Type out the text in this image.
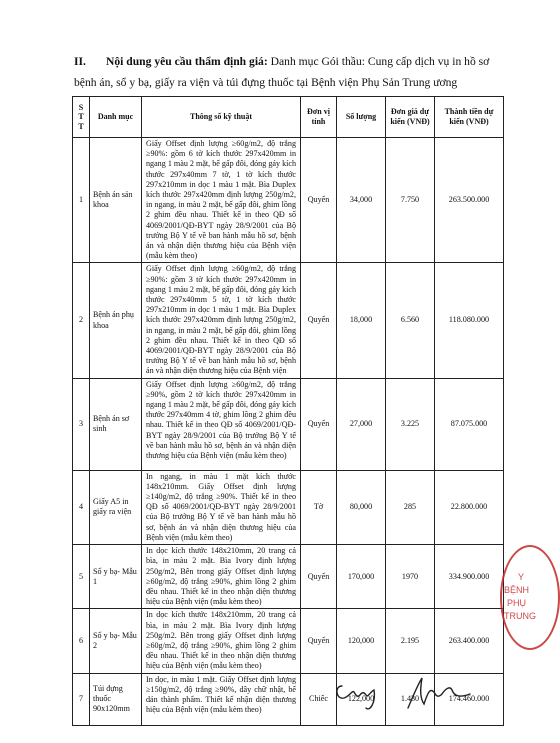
II.	Nội dung yêu cầu thẩm định giá: Danh mục Gói thầu: Cung cấp dịch vụ in hồ sơ
bệnh án, sổ y bạ, giấy ra viện và túi đựng thuốc tại Bệnh viện Phụ Sản Trung ương
S T T	Danh mục	Thông số kỹ thuật	Đơn vị tính	Số lượng	Đơn giá dự kiến (VNĐ)	Thành tiền dự kiến (VNĐ)
1	Bệnh án sản khoa	Giấy Offset định lượng ≥60g/m2, độ trắng ≥90%: gồm 6 tờ kích thước 297x420mm in ngang 1 màu 2 mặt, bế gấp đôi, đóng gáy kích thước 297x40mm 7 tờ, 1 tờ kích thước 297x210mm in dọc 1 màu 1 mặt. Bìa Duplex kích thước 297x420mm định lượng 250g/m2, in ngang, in màu 2 mặt, bế gấp đôi, ghim lồng 2 ghim đều nhau. Thiết kế in theo QĐ số 4069/2001/QĐ-BYT ngày 28/9/2001 của Bộ trưởng Bộ Y tế về ban hành mẫu hồ sơ, bệnh án và nhận diện thương hiệu của Bệnh viện (mẫu kèm theo)	Quyển	34,000	7.750	263.500.000
2	Bệnh án phụ khoa	Giấy Offset định lượng ≥60g/m2, độ trắng ≥90%: gồm 3 tờ kích thước 297x420mm in ngang 1 màu 2 mặt, bế gấp đôi, đóng gáy kích thước 297x40mm 5 tờ, 1 tờ kích thước 297x210mm in dọc 1 màu 1 mặt. Bìa Duplex kích thước 297x420mm định lượng 250g/m2, in ngang, in màu 2 mặt, bế gấp đôi, ghim lồng 2 ghim đều nhau. Thiết kế in theo QĐ số 4069/2001/QĐ-BYT ngày 28/9/2001 của Bộ trưởng Bộ Y tế về ban hành mẫu hồ sơ, bệnh án và nhận diện thương hiệu của Bệnh viện	Quyển	18,000	6.560	118.080.000
3	Bệnh án sơ sinh	Giấy Offset định lượng ≥60g/m2, độ trắng ≥90%, gồm 2 tờ kích thước 297x420mm in ngang 1 màu 2 mặt, bế gấp đôi, đóng gáy kích thước 297x40mm 4 tờ, ghim lồng 2 ghim đều nhau. Thiết kế in theo QĐ số 4069/2001/QĐ-BYT ngày 28/9/2001 của Bộ trưởng Bộ Y tế về ban hành mẫu hồ sơ, bệnh án và nhận diện thương hiệu của Bệnh viện (mẫu kèm theo)	Quyển	27,000	3.225	87.075.000
4	Giấy A5 in giấy ra viện	In ngang, in màu 1 mặt kích thước 148x210mm. Giấy Offset định lượng ≥140g/m2, độ trắng ≥90%. Thiết kế in theo QĐ số 4069/2001/QĐ-BYT ngày 28/9/2001 của Bộ trưởng Bộ Y tế về ban hành mẫu hồ sơ, bệnh án và nhận diện thương hiệu của Bệnh viện (mẫu kèm theo)	Tờ	80,000	285	22.800.000
5	Sổ y bạ- Mẫu 1	In dọc kích thước 148x210mm, 20 trang cả bìa, in màu 2 mặt. Bìa Ivory định lượng 250g/m2, Bên trong giấy Offset định lượng ≥60g/m2, độ trắng ≥90%, ghim lồng 2 ghim đều nhau. Thiết kế in theo nhận diện thương hiệu của Bệnh viện (mẫu kèm theo)	Quyển	170,000	1970	334.900.000
6	Sổ y bạ- Mẫu 2	In dọc kích thước 148x210mm, 20 trang cả bìa, in màu 2 mặt. Bìa Ivory định lượng 250g/m2. Bên trong giấy Offset định lượng ≥60g/m2, độ trắng ≥90%, ghim lồng 2 ghim đều nhau. Thiết kế in theo nhận diện thương hiệu của Bệnh viện (mẫu kèm theo)	Quyển	120,000	2.195	263.400.000
7	Túi đựng thuốc 90x120mm	In dọc, in màu 1 mặt. Giấy Offset định lượng ≥150g/m2, độ trắng ≥90%, dây chữ nhật, bế dán thành phẩm. Thiết kế nhận diện thương hiệu của Bệnh viện (mẫu kèm theo)	Chiếc	122,000	1.430	174.460.000
Y
BỆNH
PHỤ
TRUNG
